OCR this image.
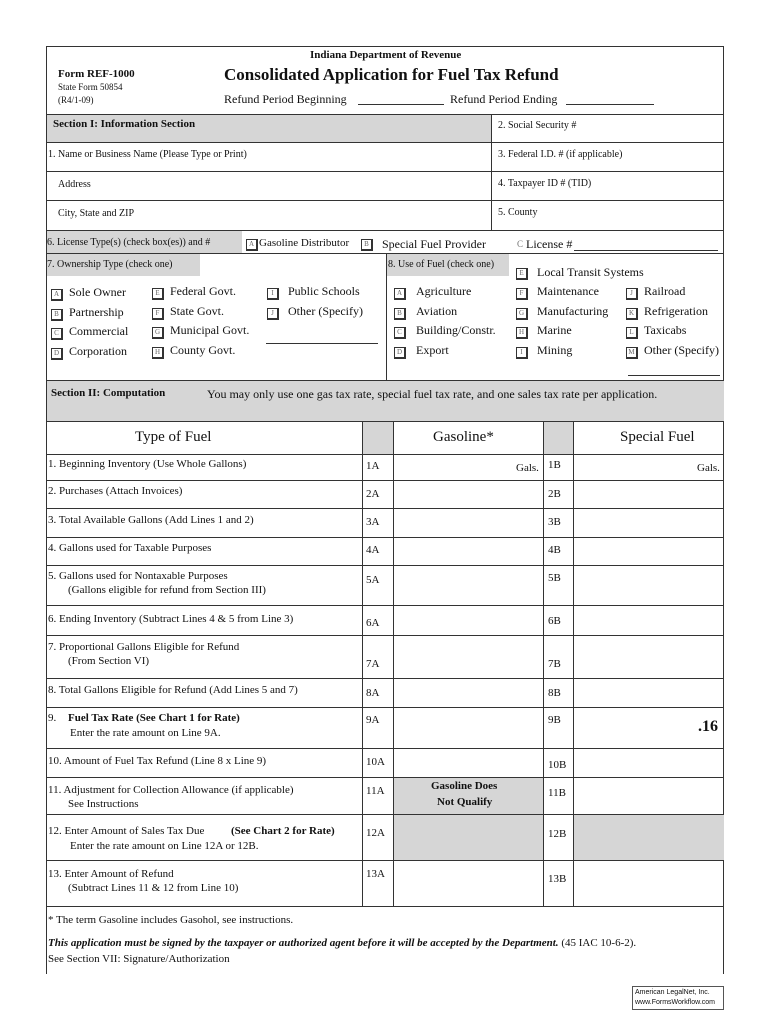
Indiana Department of Revenue
Form REF-1000
State Form 50854
(R4/1-09)
Consolidated Application for Fuel Tax Refund
Refund Period Beginning	Refund Period Ending
Section I: Information Section	2. Social Security #
1. Name or Business Name (Please Type or Print)	3. Federal I.D. # (if applicable)
Address	4. Taxpayer ID # (TID)
City, State and ZIP	5. County
6. License Type(s) (check box(es)) and #	A Gasoline Distributor	B	Special Fuel Provider	C License #
7. Ownership Type (check one)	8. Use of Fuel (check one)
A Sole Owner
B Partnership
C Commercial
D Corporation
E Federal Govt.
F State Govt.
G Municipal Govt.
H County Govt.
I	Public Schools
J	Other (Specify)
E	Local Transit Systems
A	Agriculture
B	Aviation
C	Building/Constr.
D	Export
F	Maintenance
G	Manufacturing
H	Marine
I	Mining
J Railroad
K Refrigeration
L Taxicabs
M Other (Specify)
Section II: Computation	You may only use one gas tax rate, special fuel tax rate, and one sales tax rate per application.
Type of Fuel	Gasoline*	Special Fuel
Gasoline Does
Not Qualify
1. Beginning Inventory (Use Whole Gallons)	1A	Gals. 1B	Gals.
2. Purchases (Attach Invoices)	2A	2B
3. Total Available Gallons (Add Lines 1 and 2)	3A	3B
4. Gallons used for Taxable Purposes	4A	4B
5. Gallons used for Nontaxable Purposes
(Gallons eligible for refund from Section III)
5A	5B
6. Ending Inventory (Subtract Lines 4 & 5 from Line 3)	6A	6B
7. Proportional Gallons Eligible for Refund
(From Section VI)	7A	7B
8. Total Gallons Eligible for Refund (Add Lines 5 and 7)	8A	8B
9. Fuel Tax Rate (See Chart 1 for Rate)
Enter the rate amount on Line 9A.
9A	9B	.16
10. Amount of Fuel Tax Refund (Line 8 x Line 9)	10A	10B
11. Adjustment for Collection Allowance (if applicable)
See Instructions
11A	11B
12. Enter Amount of Sales Tax Due (See Chart 2 for Rate)
Enter the rate amount on Line 12A or 12B.
12A	12B
13. Enter Amount of Refund
(Subtract Lines 11 & 12 from Line 10)
13A	13B
* The term Gasoline includes Gasohol, see instructions.
This application must be signed by the taxpayer or authorized agent before it will be accepted by the Department. (45 IAC 10-6-2).
See Section VII: Signature/Authorization
American LegalNet, Inc.
www.FormsWorkflow.com
